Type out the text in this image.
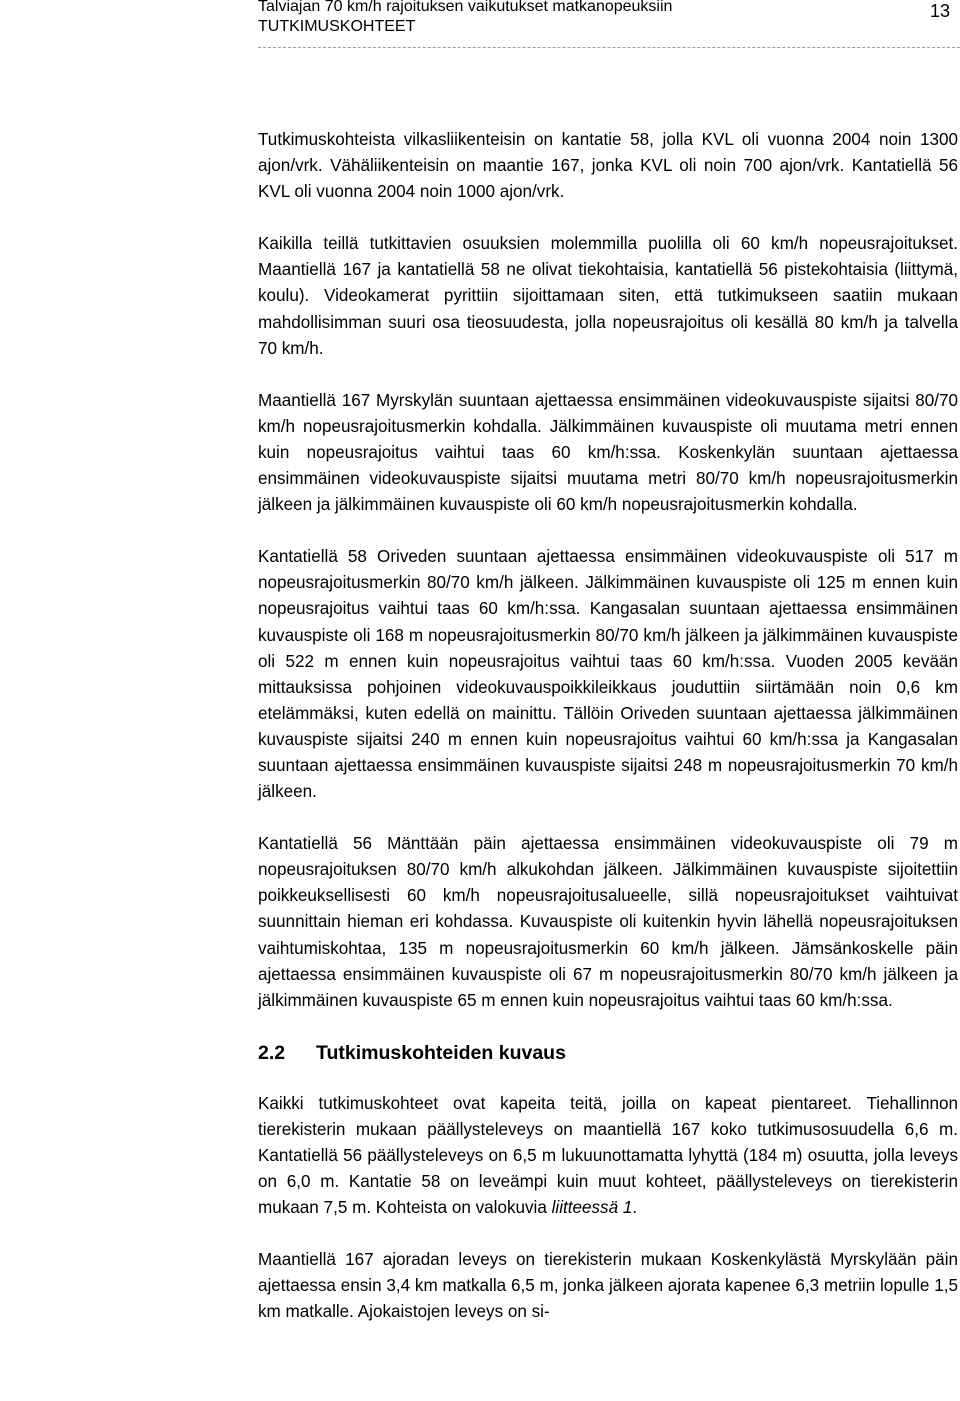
Talviajan 70 km/h rajoituksen vaikutukset matkanopeuksiin
TUTKIMUSKOHTEET
13

Tutkimuskohteista vilkasliikenteisin on kantatie 58, jolla KVL oli vuonna 2004 noin 1300 ajon/vrk. Vähäliikenteisin on maantie 167, jonka KVL oli noin 700 ajon/vrk. Kantatiellä 56 KVL oli vuonna 2004 noin 1000 ajon/vrk.

Kaikilla teillä tutkittavien osuuksien molemmilla puolilla oli 60 km/h nopeusrajoitukset. Maantiellä 167 ja kantatiellä 58 ne olivat tiekohtaisia, kantatiellä 56 pistekohtaisia (liittymä, koulu). Videokamerat pyrittiin sijoittamaan siten, että tutkimukseen saatiin mukaan mahdollisimman suuri osa tieosuudesta, jolla nopeusrajoitus oli kesällä 80 km/h ja talvella 70 km/h.

Maantiellä 167 Myrskylän suuntaan ajettaessa ensimmäinen videokuvauspiste sijaitsi 80/70 km/h nopeusrajoitusmerkin kohdalla. Jälkimmäinen kuvauspiste oli muutama metri ennen kuin nopeusrajoitus vaihtui taas 60 km/h:ssa. Koskenkylän suuntaan ajettaessa ensimmäinen videokuvauspiste sijaitsi muutama metri 80/70 km/h nopeusrajoitusmerkin jälkeen ja jälkimmäinen kuvauspiste oli 60 km/h nopeusrajoitusmerkin kohdalla.

Kantatiellä 58 Oriveden suuntaan ajettaessa ensimmäinen videokuvauspiste oli 517 m nopeusrajoitusmerkin 80/70 km/h jälkeen. Jälkimmäinen kuvauspiste oli 125 m ennen kuin nopeusrajoitus vaihtui taas 60 km/h:ssa. Kangasalan suuntaan ajettaessa ensimmäinen kuvauspiste oli 168 m nopeusrajoitusmerkin 80/70 km/h jälkeen ja jälkimmäinen kuvauspiste oli 522 m ennen kuin nopeusrajoitus vaihtui taas 60 km/h:ssa. Vuoden 2005 kevään mittauksissa pohjoinen videokuvauspoikkileikkaus jouduttiin siirtämään noin 0,6 km etelämmäksi, kuten edellä on mainittu. Tällöin Oriveden suuntaan ajettaessa jälkimmäinen kuvauspiste sijaitsi 240 m ennen kuin nopeusrajoitus vaihtui 60 km/h:ssa ja Kangasalan suuntaan ajettaessa ensimmäinen kuvauspiste sijaitsi 248 m nopeusrajoitusmerkin 70 km/h jälkeen.

Kantatiellä 56 Mänttään päin ajettaessa ensimmäinen videokuvauspiste oli 79 m nopeusrajoituksen 80/70 km/h alkukohdan jälkeen. Jälkimmäinen kuvauspiste sijoitettiin poikkeuksellisesti 60 km/h nopeusrajoitusalueelle, sillä nopeusrajoitukset vaihtuivat suunnittain hieman eri kohdassa. Kuvauspiste oli kuitenkin hyvin lähellä nopeusrajoituksen vaihtumiskohtaa, 135 m nopeusrajoitusmerkin 60 km/h jälkeen. Jämsänkoskelle päin ajettaessa ensimmäinen kuvauspiste oli 67 m nopeusrajoitusmerkin 80/70 km/h jälkeen ja jälkimmäinen kuvauspiste 65 m ennen kuin nopeusrajoitus vaihtui taas 60 km/h:ssa.

2.2 Tutkimuskohteiden kuvaus

Kaikki tutkimuskohteet ovat kapeita teitä, joilla on kapeat pientareet. Tiehallinnon tierekisterin mukaan päällysteleveys on maantiellä 167 koko tutkimusosuudella 6,6 m. Kantatiellä 56 päällysteleveys on 6,5 m lukuunottamatta lyhyttä (184 m) osuutta, jolla leveys on 6,0 m. Kantatie 58 on leveämpi kuin muut kohteet, päällysteleveys on tierekisterin mukaan 7,5 m. Kohteista on valokuvia liitteessä 1.

Maantiellä 167 ajoradan leveys on tierekisterin mukaan Koskenkylästä Myrskylään päin ajettaessa ensin 3,4 km matkalla 6,5 m, jonka jälkeen ajorata kapenee 6,3 metriin lopulle 1,5 km matkalle. Ajokaistojen leveys on si-
